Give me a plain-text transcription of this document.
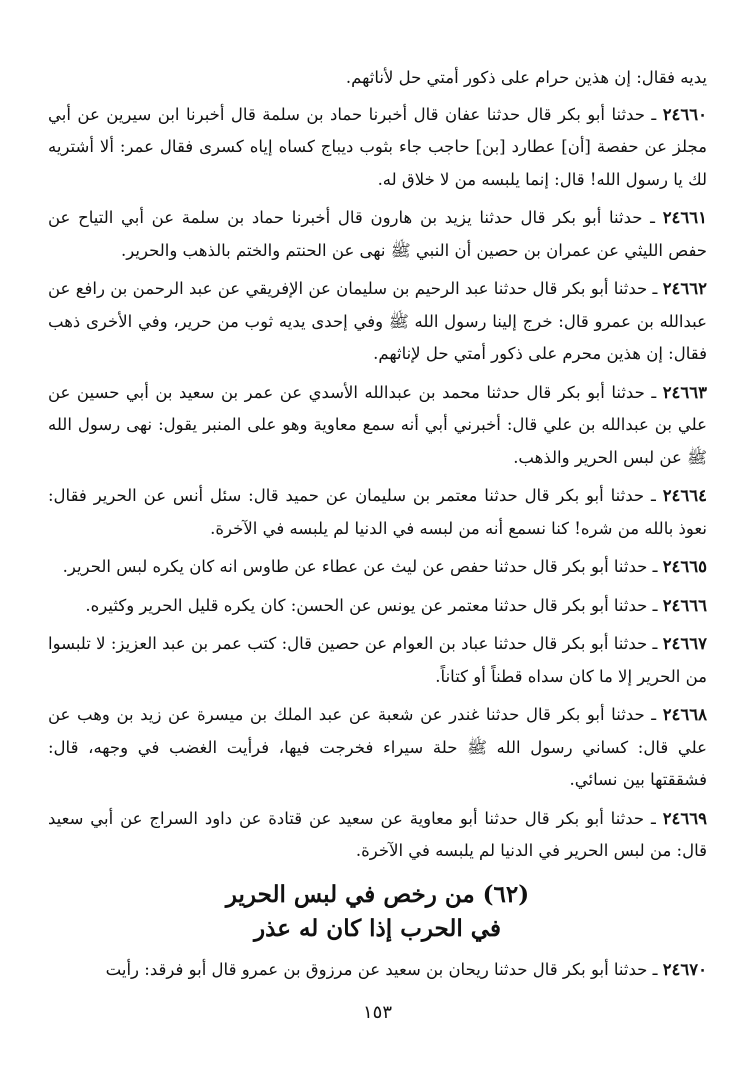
يديه فقال: إن هذين حرام على ذكور أمتي حل لأناثهم.

٢٤٦٦٠ ـ حدثنا أبو بكر قال حدثنا عفان قال أخبرنا حماد بن سلمة قال أخبرنا ابن سيرين عن أبي مجلز عن حفصة [أن] عطارد [بن] حاجب جاء بثوب ديباج كساه إياه كسرى فقال عمر: ألا أشتريه لك يا رسول الله! قال: إنما يلبسه من لا خلاق له.

٢٤٦٦١ ـ حدثنا أبو بكر قال حدثنا يزيد بن هارون قال أخبرنا حماد بن سلمة عن أبي التياح عن حفص الليثي عن عمران بن حصين أن النبي ﷺ نهى عن الحنتم والختم بالذهب والحرير.

٢٤٦٦٢ ـ حدثنا أبو بكر قال حدثنا عبد الرحيم بن سليمان عن الإفريقي عن عبد الرحمن بن رافع عن عبدالله بن عمرو قال: خرج إلينا رسول الله ﷺ وفي إحدى يديه ثوب من حرير، وفي الأخرى ذهب فقال: إن هذين محرم على ذكور أمتي حل لإناثهم.

٢٤٦٦٣ ـ حدثنا أبو بكر قال حدثنا محمد بن عبدالله الأسدي عن عمر بن سعيد بن أبي حسين عن علي بن عبدالله بن علي قال: أخبرني أبي أنه سمع معاوية وهو على المنبر يقول: نهى رسول الله ﷺ عن لبس الحرير والذهب.

٢٤٦٦٤ ـ حدثنا أبو بكر قال حدثنا معتمر بن سليمان عن حميد قال: سئل أنس عن الحرير فقال: نعوذ بالله من شره! كنا نسمع أنه من لبسه في الدنيا لم يلبسه في الآخرة.

٢٤٦٦٥ ـ حدثنا أبو بكر قال حدثنا حفص عن ليث عن عطاء عن طاوس انه كان يكره لبس الحرير.

٢٤٦٦٦ ـ حدثنا أبو بكر قال حدثنا معتمر عن يونس عن الحسن: كان يكره قليل الحرير وكثيره.

٢٤٦٦٧ ـ حدثنا أبو بكر قال حدثنا عباد بن العوام عن حصين قال: كتب عمر بن عبد العزيز: لا تلبسوا من الحرير إلا ما كان سداه قطناً أو كتاناً.

٢٤٦٦٨ ـ حدثنا أبو بكر قال حدثنا غندر عن شعبة عن عبد الملك بن ميسرة عن زيد بن وهب عن علي قال: كساني رسول الله ﷺ حلة سيراء فخرجت فيها، فرأيت الغضب في وجهه، قال: فشققتها بين نسائي.

٢٤٦٦٩ ـ حدثنا أبو بكر قال حدثنا أبو معاوية عن سعيد عن قتادة عن داود السراج عن أبي سعيد قال: من لبس الحرير في الدنيا لم يلبسه في الآخرة.

(٦٢) من رخص في لبس الحرير
في الحرب إذا كان له عذر

٢٤٦٧٠ ـ حدثنا أبو بكر قال حدثنا ريحان بن سعيد عن مرزوق بن عمرو قال أبو فرقد: رأيت

١٥٣
